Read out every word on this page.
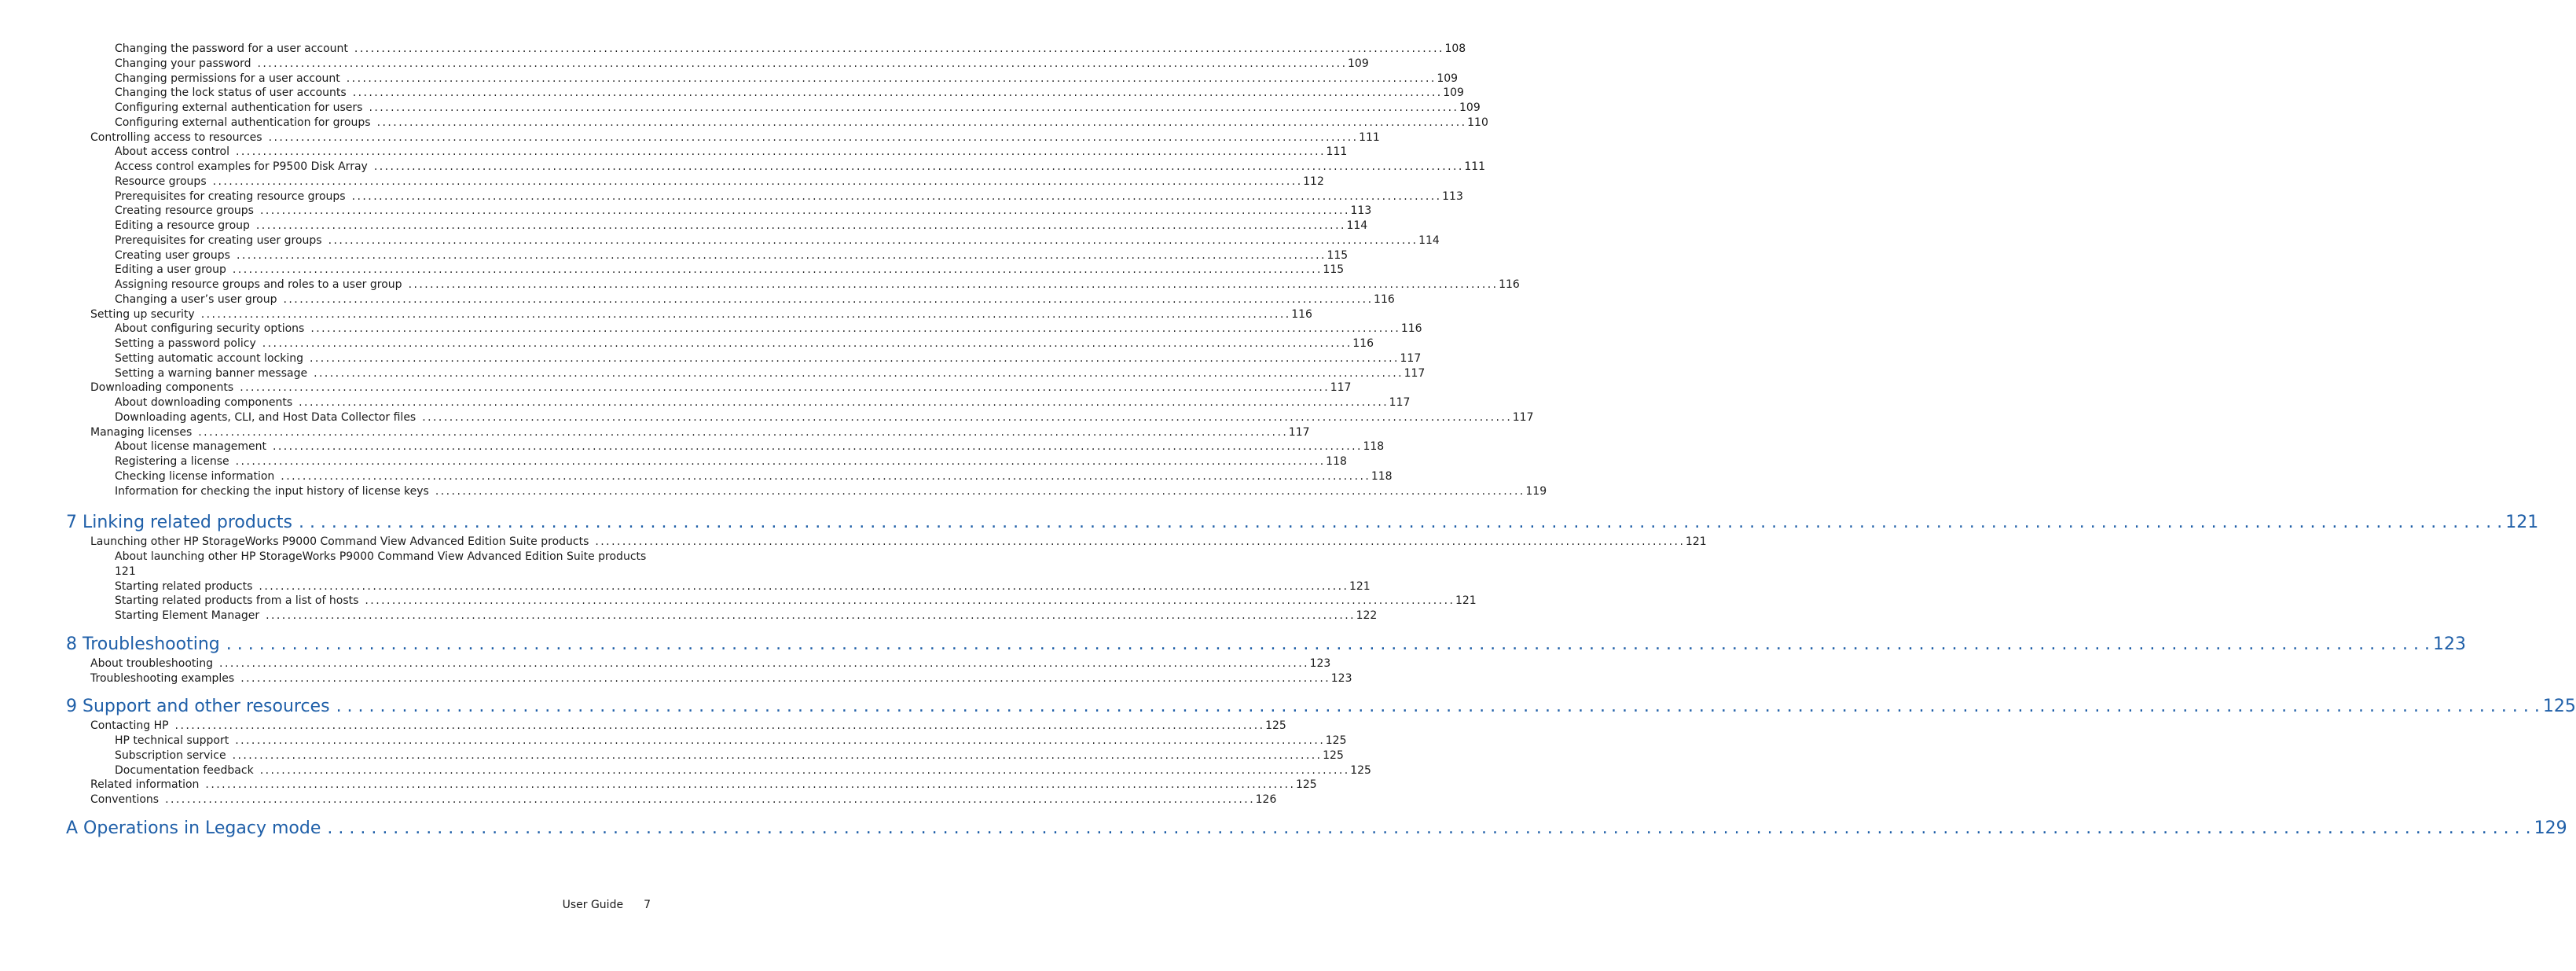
Changing the password for a user account . . .	108
Changing your password . . .	109
Changing permissions for a user account . . .	109
Changing the lock status of user accounts . . .	109
Configuring external authentication for users . . .	109
Configuring external authentication for groups . . .	110
Controlling access to resources . . .	111
About access control . . .	111
Access control examples for P9500 Disk Array . . .	111
Resource groups . . .	112
Prerequisites for creating resource groups . . .	113
Creating resource groups . . .	113
Editing a resource group . . .	114
Prerequisites for creating user groups . . .	114
Creating user groups . . .	115
Editing a user group . . .	115
Assigning resource groups and roles to a user group . . .	116
Changing a user’s user group . . .	116
Setting up security . . .	116
About configuring security options . . .	116
Setting a password policy . . .	116
Setting automatic account locking . . .	117
Setting a warning banner message . . .	117
Downloading components . . .	117
About downloading components . . .	117
Downloading agents, CLI, and Host Data Collector files . . .	117
Managing licenses . . .	117
About license management . . .	118
Registering a license . . .	118
Checking license information . . .	118
Information for checking the input history of license keys . . .	119
7 Linking related products . . .	121
Launching other HP StorageWorks P9000 Command View Advanced Edition Suite products . . .	121
About launching other HP StorageWorks P9000 Command View Advanced Edition Suite products
121
Starting related products . . .	121
Starting related products from a list of hosts . . .	121
Starting Element Manager . . .	122
8 Troubleshooting . . .	123
About troubleshooting . . .	123
Troubleshooting examples . . .	123
9 Support and other resources . . .	125
Contacting HP . . .	125
HP technical support . . .	125
Subscription service . . .	125
Documentation feedback . . .	125
Related information . . .	125
Conventions . . .	126
A Operations in Legacy mode . . .	129
User Guide 7
